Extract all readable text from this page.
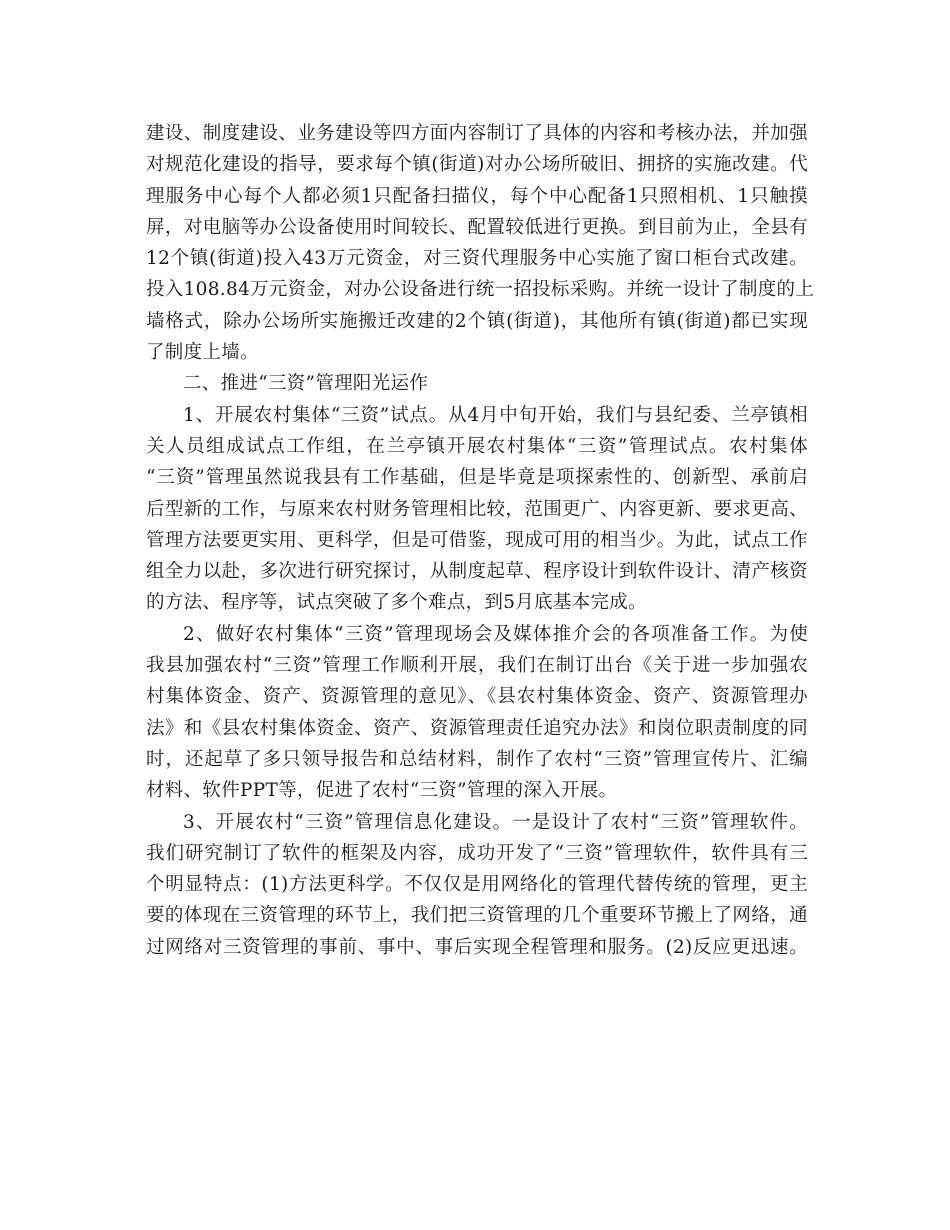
建设、制度建设、业务建设等四方面内容制订了具体的内容和考核办法，并加强
对规范化建设的指导，要求每个镇(街道)对办公场所破旧、拥挤的实施改建。代
理服务中心每个人都必须1只配备扫描仪，每个中心配备1只照相机、1只触摸
屏，对电脑等办公设备使用时间较长、配置较低进行更换。到目前为止，全县有
12个镇(街道)投入43万元资金，对三资代理服务中心实施了窗口柜台式改建。
投入108.84万元资金，对办公设备进行统一招投标采购。并统一设计了制度的上
墙格式，除办公场所实施搬迁改建的2个镇(街道)，其他所有镇(街道)都已实现
了制度上墙。
二、推进“三资”管理阳光运作
1、开展农村集体“三资”试点。从4月中旬开始，我们与县纪委、兰亭镇相
关人员组成试点工作组，在兰亭镇开展农村集体“三资”管理试点。农村集体
“三资”管理虽然说我县有工作基础，但是毕竟是项探索性的、创新型、承前启
后型新的工作，与原来农村财务管理相比较，范围更广、内容更新、要求更高、
管理方法要更实用、更科学，但是可借鉴，现成可用的相当少。为此，试点工作
组全力以赴，多次进行研究探讨，从制度起草、程序设计到软件设计、清产核资
的方法、程序等，试点突破了多个难点，到5月底基本完成。
2、做好农村集体“三资”管理现场会及媒体推介会的各项准备工作。为使
我县加强农村“三资”管理工作顺利开展，我们在制订出台《关于进一步加强农
村集体资金、资产、资源管理的意见》、《县农村集体资金、资产、资源管理办
法》和《县农村集体资金、资产、资源管理责任追究办法》和岗位职责制度的同
时，还起草了多只领导报告和总结材料，制作了农村“三资”管理宣传片、汇编
材料、软件PPT等，促进了农村“三资”管理的深入开展。
3、开展农村“三资”管理信息化建设。一是设计了农村“三资”管理软件。
我们研究制订了软件的框架及内容，成功开发了“三资”管理软件，软件具有三
个明显特点：(1)方法更科学。不仅仅是用网络化的管理代替传统的管理，更主
要的体现在三资管理的环节上，我们把三资管理的几个重要环节搬上了网络，通
过网络对三资管理的事前、事中、事后实现全程管理和服务。(2)反应更迅速。
